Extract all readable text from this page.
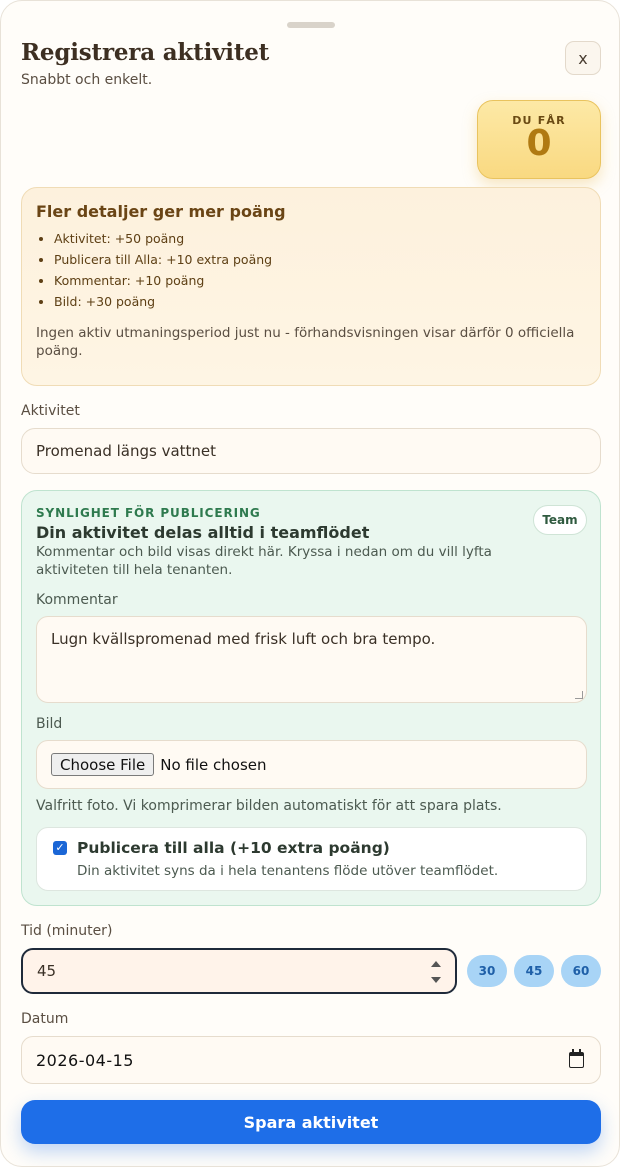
Registrera aktivitet
Snabbt och enkelt.
x
DU FÅR
0
Fler detaljer ger mer poäng
• Aktivitet: +50 poäng
• Publicera till Alla: +10 extra poäng
• Kommentar: +10 poäng
• Bild: +30 poäng
Ingen aktiv utmaningsperiod just nu - förhandsvisningen visar därför 0 officiella poäng.
Aktivitet
Promenad längs vattnet
SYNLIGHET FÖR PUBLICERING
Din aktivitet delas alltid i teamflödet
Kommentar och bild visas direkt här. Kryssa i nedan om du vill lyfta aktiviteten till hela tenanten.
Team
Kommentar
Lugn kvällspromenad med frisk luft och bra tempo.
Bild
Choose File	No file chosen
Valfritt foto. Vi komprimerar bilden automatiskt för att spara plats.
✓ Publicera till alla (+10 extra poäng)
Din aktivitet syns da i hela tenantens flöde utöver teamflödet.
Tid (minuter)
45	30	45	60
Datum
2026-04-15
Spara aktivitet
